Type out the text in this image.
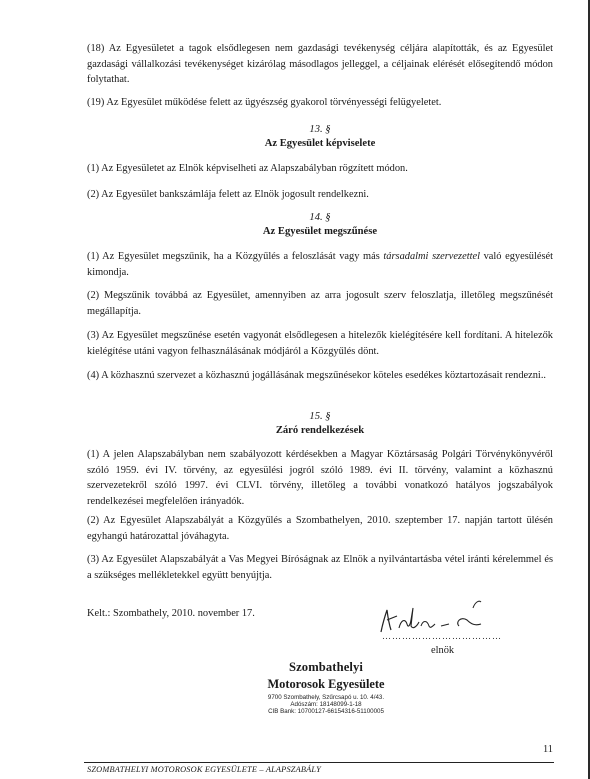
(18) Az Egyesületet a tagok elsődlegesen nem gazdasági tevékenység céljára alapították, és az Egyesület gazdasági vállalkozási tevékenységet kizárólag másodlagos jelleggel, a céljainak elérését elősegítendő módon folytathat.
(19) Az Egyesület működése felett az ügyészség gyakorol törvényességi felügyeletet.
13. §
Az Egyesület képviselete
(1) Az Egyesületet az Elnök képviselheti az Alapszabályban rögzített módon.
(2) Az Egyesület bankszámlája felett az Elnök jogosult rendelkezni.
14. §
Az Egyesület megszűnése
(1) Az Egyesület megszűnik, ha a Közgyűlés a feloszlását vagy más társadalmi szervezettel való egyesülését kimondja.
(2) Megszűnik továbbá az Egyesület, amennyiben az arra jogosult szerv feloszlatja, illetőleg megszűnését megállapítja.
(3) Az Egyesület megszűnése esetén vagyonát elsődlegesen a hitelezők kielégítésére kell fordítani. A hitelezők kielégítése utáni vagyon felhasználásának módjáról a Közgyűlés dönt.
(4) A közhasznú szervezet a közhasznú jogállásának megszűnésekor köteles esedékes köztartozásait rendezni..
15. §
Záró rendelkezések
(1) A jelen Alapszabályban nem szabályozott kérdésekben a Magyar Köztársaság Polgári Törvénykönyvéről szóló 1959. évi IV. törvény, az egyesülési jogról szóló 1989. évi II. törvény, valamint a közhasznú szervezetekről szóló 1997. évi CLVI. törvény, illetőleg a további vonatkozó hatályos jogszabályok rendelkezései megfelelően irányadók.
(2) Az Egyesület Alapszabályát a Közgyűlés a Szombathelyen, 2010. szeptember 17. napján tartott ülésén egyhangú határozattal jóváhagyta.
(3) Az Egyesület Alapszabályát a Vas Megyei Bíróságnak az Elnök a nyilvántartásba vétel iránti kérelemmel és a szükséges mellékletekkel együtt benyújtja.
Kelt.: Szombathely, 2010. november 17.
………………………………
elnök
Szombathelyi
Motorosok Egyesülete
9700 Szombathely, Szűrcsapó u. 10. 4/43.
Adószám: 18148099-1-18
CIB Bank: 10700127-66154316-51100005
11
SZOMBATHELYI MOTOROSOK EGYESÜLETE – ALAPSZABÁLY
